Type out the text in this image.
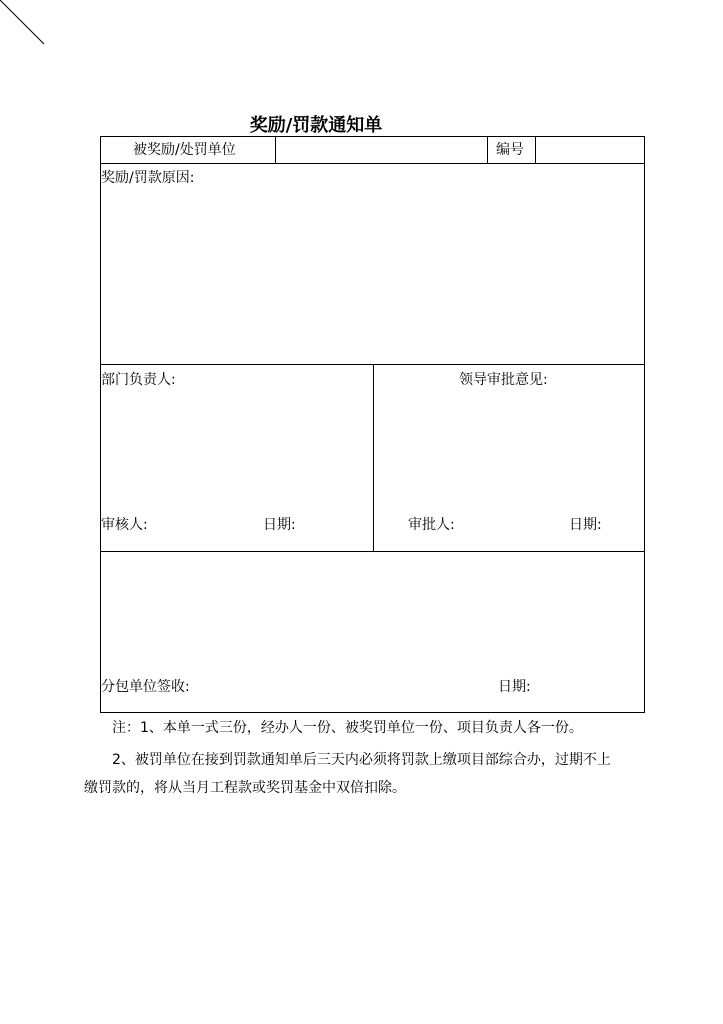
奖励/罚款通知单
被奖励/处罚单位	编号
奖励/罚款原因:
部门负责人:	领导审批意见:
审核人:	日期:	审批人:	日期:
分包单位签收:	日期:
注：1、本单一式三份，经办人一份、被奖罚单位一份、项目负责人各一份。
2、被罚单位在接到罚款通知单后三天内必须将罚款上缴项目部综合办，过期不上
缴罚款的，将从当月工程款或奖罚基金中双倍扣除。
